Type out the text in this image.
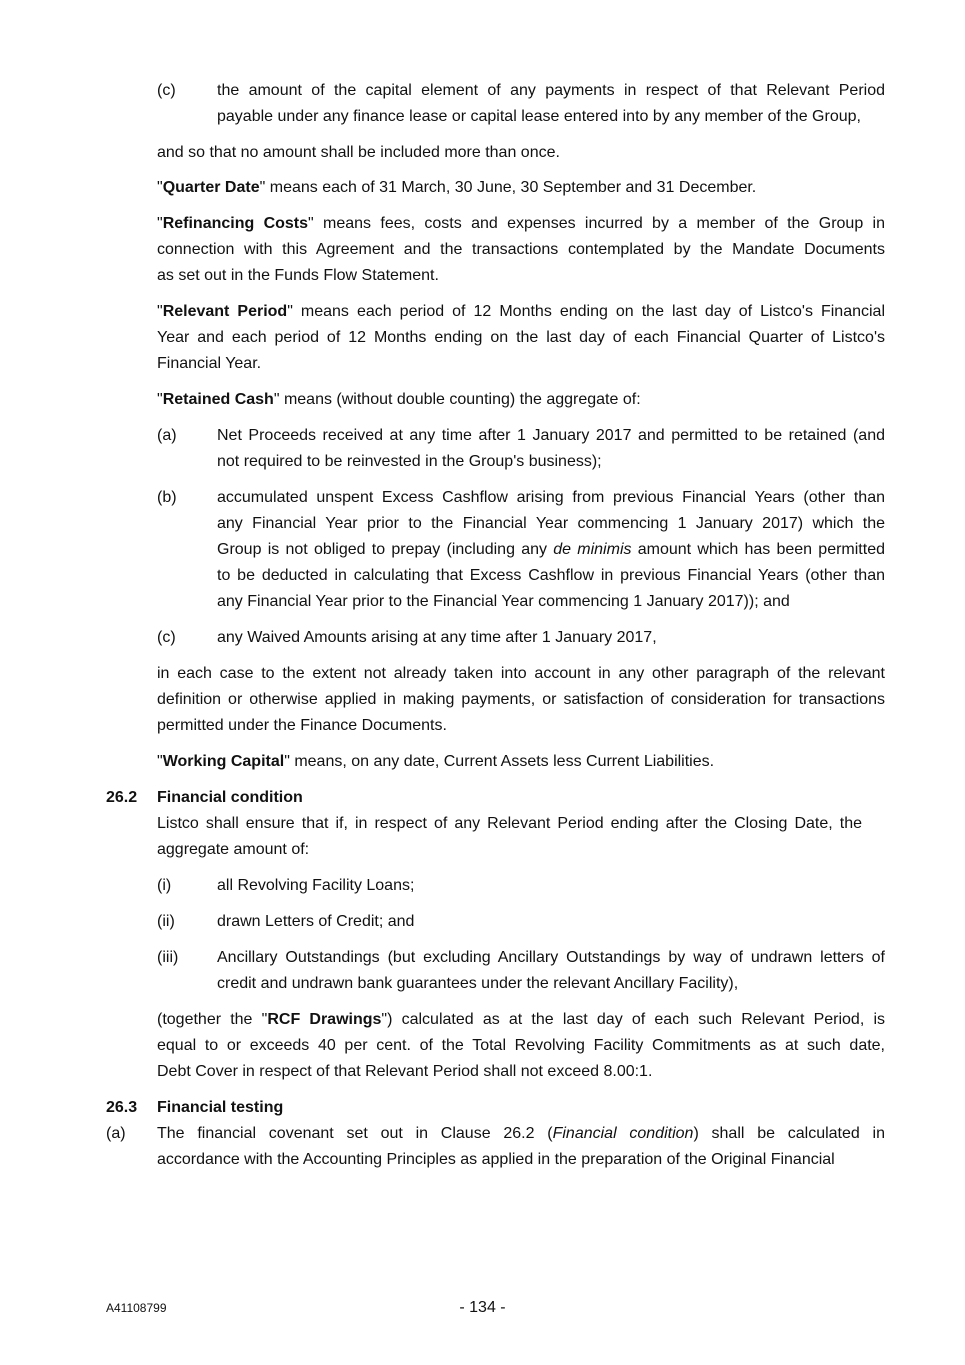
(c)	the amount of the capital element of any payments in respect of that Relevant Period
payable under any finance lease or capital lease entered into by any member of the Group,
and so that no amount shall be included more than once.
"Quarter Date" means each of 31 March, 30 June, 30 September and 31 December.
"Refinancing Costs" means fees, costs and expenses incurred by a member of the Group in
connection with this Agreement and the transactions contemplated by the Mandate Documents
as set out in the Funds Flow Statement.
"Relevant Period" means each period of 12 Months ending on the last day of Listco's Financial
Year and each period of 12 Months ending on the last day of each Financial Quarter of Listco's
Financial Year.
"Retained Cash" means (without double counting) the aggregate of:
(a)	Net Proceeds received at any time after 1 January 2017 and permitted to be retained (and
not required to be reinvested in the Group's business);
(b)	accumulated unspent Excess Cashflow arising from previous Financial Years (other than
any Financial Year prior to the Financial Year commencing 1 January 2017) which the
Group is not obliged to prepay (including any de minimis amount which has been permitted
to be deducted in calculating that Excess Cashflow in previous Financial Years (other than
any Financial Year prior to the Financial Year commencing 1 January 2017)); and
(c)	any Waived Amounts arising at any time after 1 January 2017,
in each case to the extent not already taken into account in any other paragraph of the relevant
definition or otherwise applied in making payments, or satisfaction of consideration for transactions
permitted under the Finance Documents.
"Working Capital" means, on any date, Current Assets less Current Liabilities.
26.2 Financial condition
Listco shall ensure that if, in respect of any Relevant Period ending after the Closing Date, the
aggregate amount of:
(i)	all Revolving Facility Loans;
(ii)	drawn Letters of Credit; and
(iii) Ancillary Outstandings (but excluding Ancillary Outstandings by way of undrawn letters of
credit and undrawn bank guarantees under the relevant Ancillary Facility),
(together the "RCF Drawings") calculated as at the last day of each such Relevant Period, is
equal to or exceeds 40 per cent. of the Total Revolving Facility Commitments as at such date,
Debt Cover in respect of that Relevant Period shall not exceed 8.00:1.
26.3 Financial testing
(a) The financial covenant set out in Clause 26.2 (Financial condition) shall be calculated in
accordance with the Accounting Principles as applied in the preparation of the Original Financial
A41108799	- 134 -
